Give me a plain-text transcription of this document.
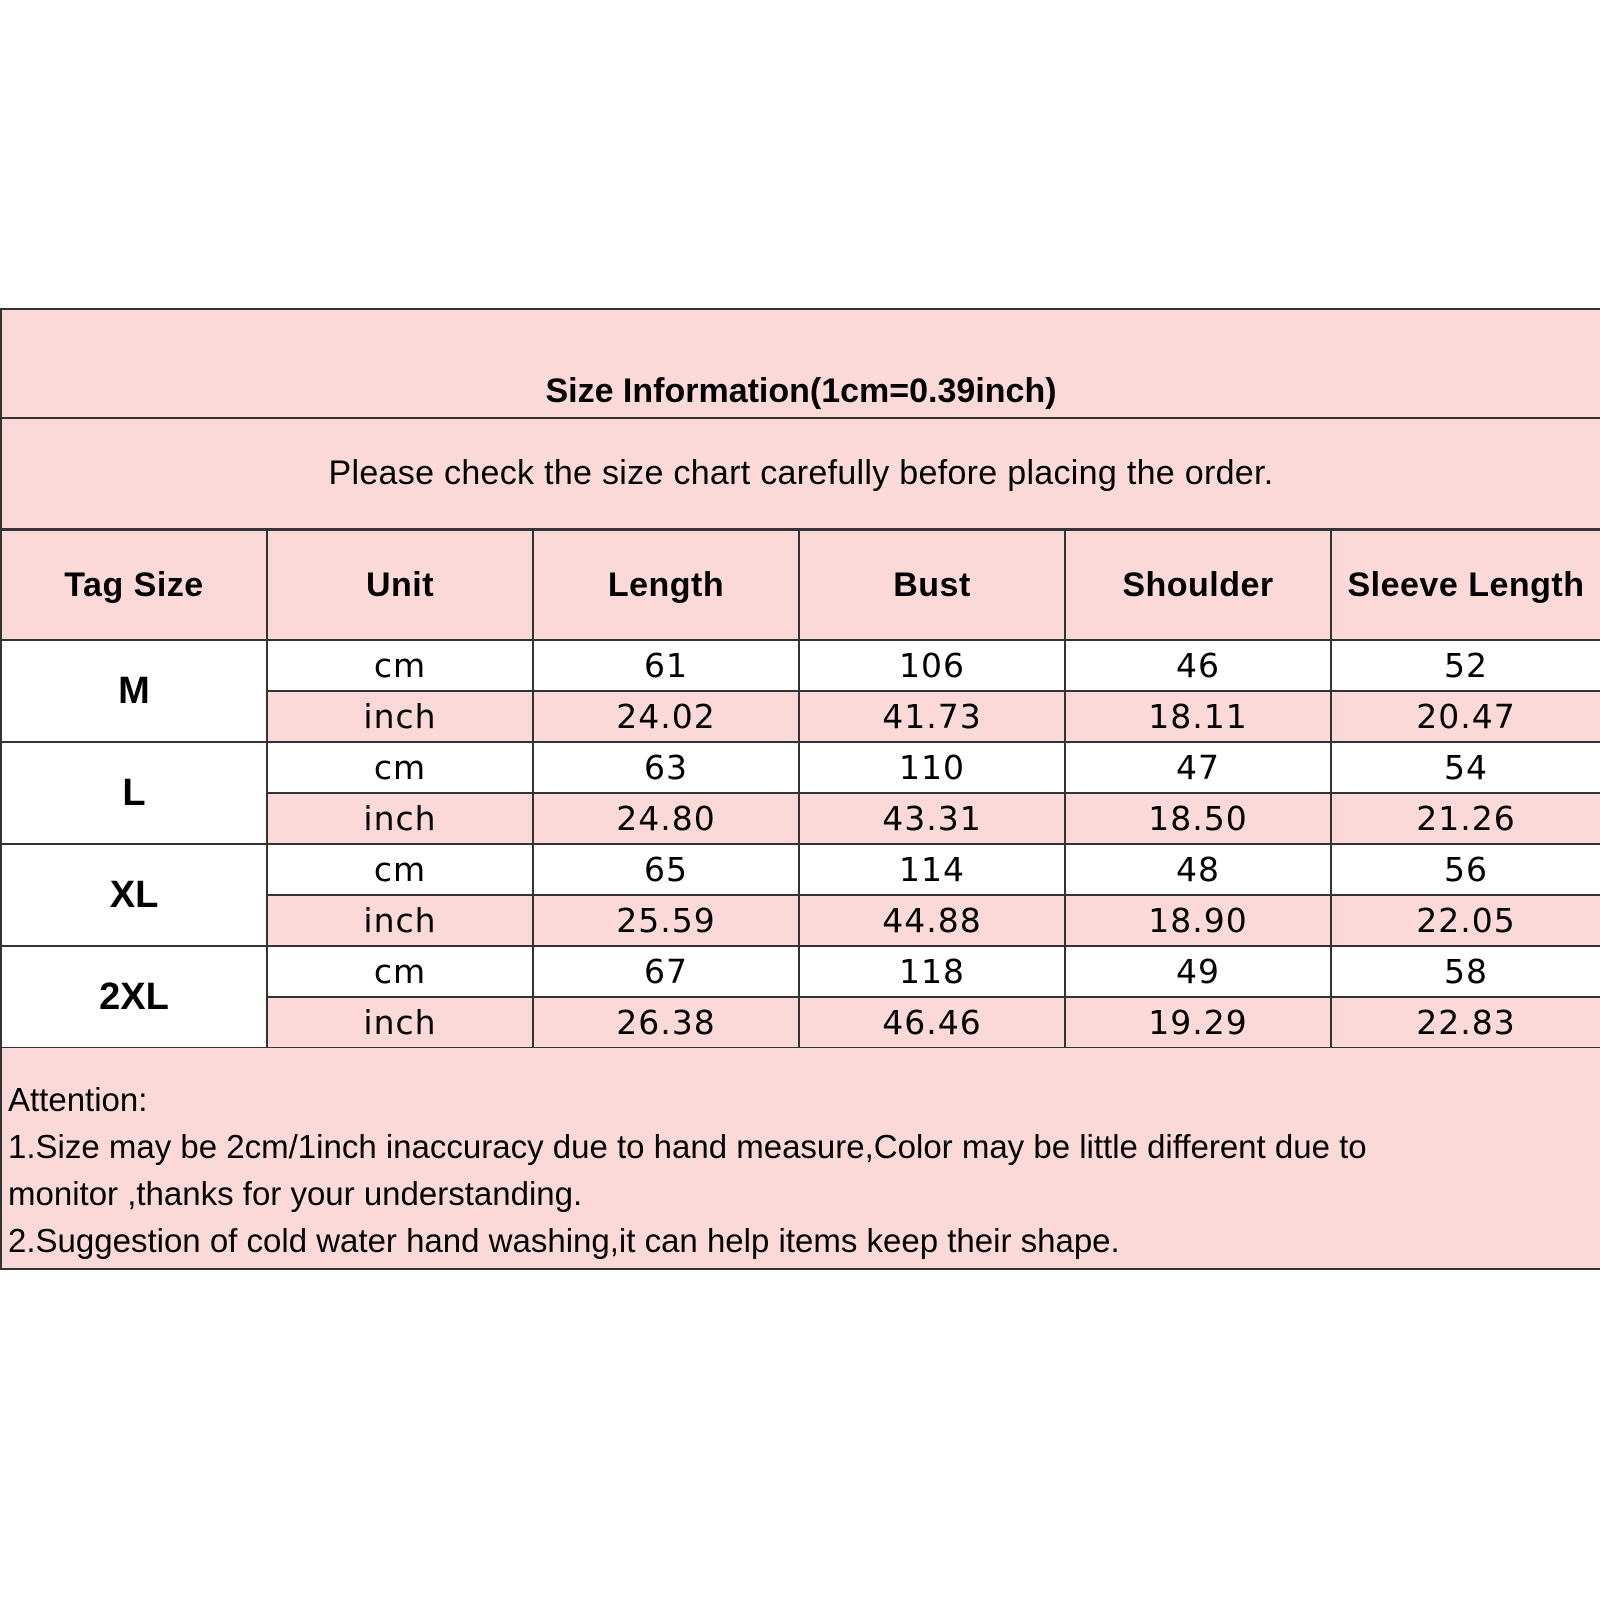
Size Information(1cm=0.39inch)
Please check the size chart carefully before placing the order.
Tag Size	Unit	Length	Bust	Shoulder	Sleeve Length
M	cm	61	106	46	52
	inch	24.02	41.73	18.11	20.47
L	cm	63	110	47	54
	inch	24.80	43.31	18.50	21.26
XL	cm	65	114	48	56
	inch	25.59	44.88	18.90	22.05
2XL	cm	67	118	49	58
	inch	26.38	46.46	19.29	22.83
Attention:
1.Size may be 2cm/1inch inaccuracy due to hand measure,Color may be little different due to
monitor ,thanks for your understanding.
2.Suggestion of cold water hand washing,it can help items keep their shape.
